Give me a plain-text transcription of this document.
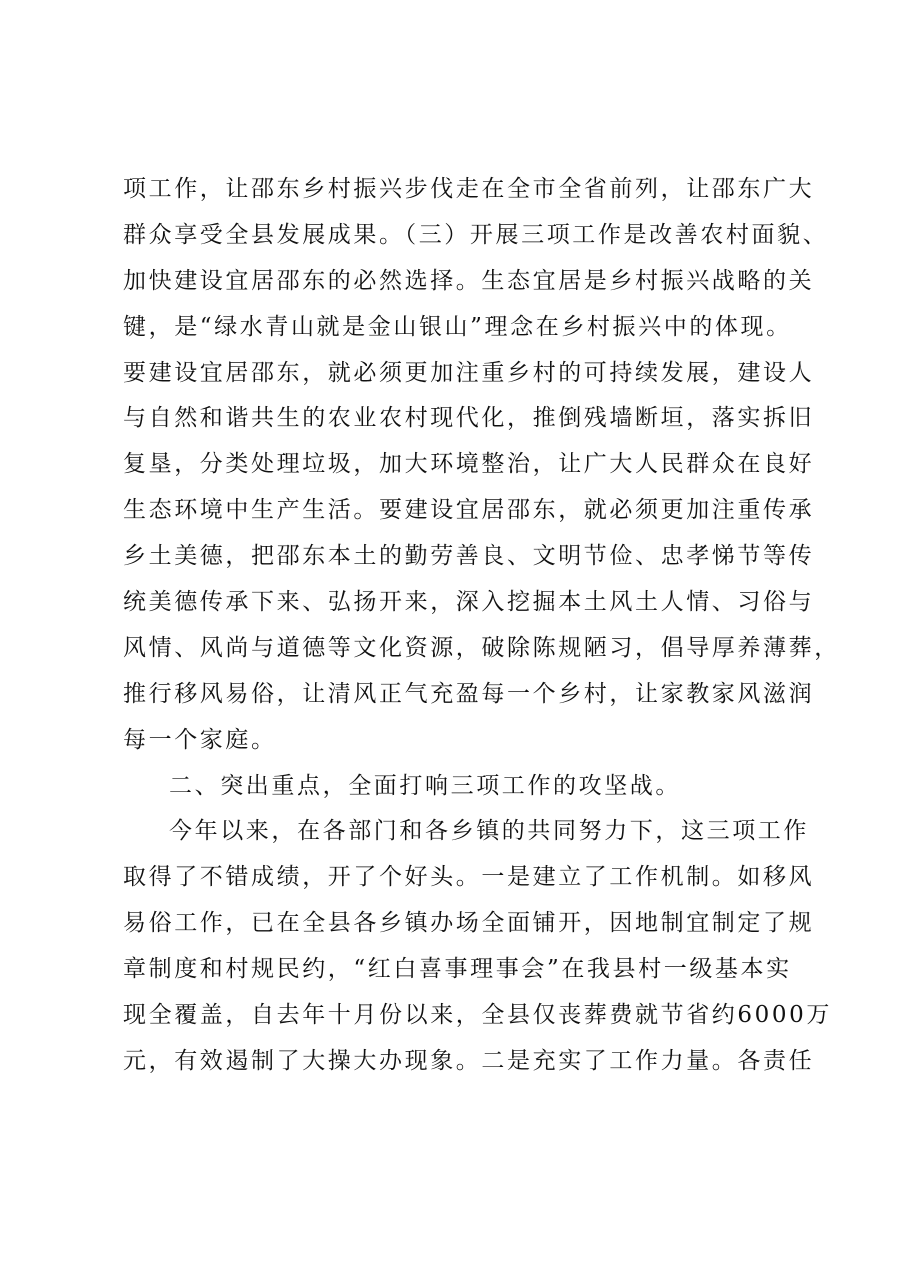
项工作，让邵东乡村振兴步伐走在全市全省前列，让邵东广大
群众享受全县发展成果。（三）开展三项工作是改善农村面貌、
加快建设宜居邵东的必然选择。生态宜居是乡村振兴战略的关
键，是“绿水青山就是金山银山”理念在乡村振兴中的体现。
要建设宜居邵东，就必须更加注重乡村的可持续发展，建设人
与自然和谐共生的农业农村现代化，推倒残墙断垣，落实拆旧
复垦，分类处理垃圾，加大环境整治，让广大人民群众在良好
生态环境中生产生活。要建设宜居邵东，就必须更加注重传承
乡土美德，把邵东本土的勤劳善良、文明节俭、忠孝悌节等传
统美德传承下来、弘扬开来，深入挖掘本土风土人情、习俗与
风情、风尚与道德等文化资源，破除陈规陋习，倡导厚养薄葬，
推行移风易俗，让清风正气充盈每一个乡村，让家教家风滋润
每一个家庭。
二、突出重点，全面打响三项工作的攻坚战。
今年以来，在各部门和各乡镇的共同努力下，这三项工作
取得了不错成绩，开了个好头。一是建立了工作机制。如移风
易俗工作，已在全县各乡镇办场全面铺开，因地制宜制定了规
章制度和村规民约，“红白喜事理事会”在我县村一级基本实
现全覆盖，自去年十月份以来，全县仅丧葬费就节省约6000万
元，有效遏制了大操大办现象。二是充实了工作力量。各责任
